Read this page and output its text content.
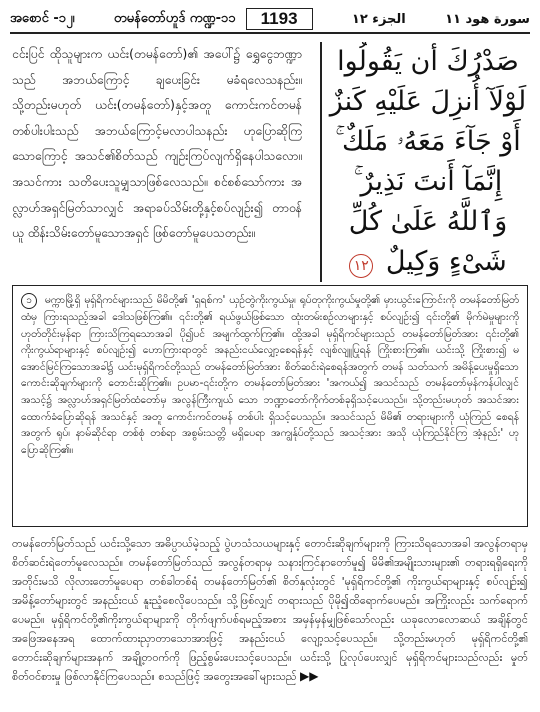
အစောင် -၁၂၊	တမန်တော်ဟူဒ် ကဏ္ဍ-၁၁	1193	الجزء ١٢	سورة هود ١١
ငင်းပြင် ထိုသူများက ယင်း(တမန်တော်)၏ အပေါ်၌ ရွှေငွေဘဏ္ဍာသည် အဘယ်ကြောင့် ချပေးခြင်း မခံရလေသနည်း။ သို့တည်းမဟုတ် ယင်း(တမန်တော်)နှင့်အတူ ကောင်းကင်တမန် တစ်ပါးပါးသည် အဘယ်ကြောင့်မလာပါသနည်း ဟုပြောဆိုကြသောကြောင့် အသင်၏စိတ်သည် ကျဉ်းကြပ်လျက်ရှိနေပါသလော။ အသင်ကား သတိပေးသူမျှသာဖြစ်လေသည်။ စင်စစ်သော်ကား အလ္လာဟ်အရှင်မြတ်သာလျှင် အရာခပ်သိမ်းတို့နှင့်စပ်လျဉ်း၍ တာဝန်ယူ ထိန်းသိမ်းတော်မူသောအရှင် ဖြစ်တော်မူပေသတည်း။
صَدْرُكَ أَن يَقُولُوا لَوْلَآ أُنزِلَ عَلَيْهِ كَنزٌ أَوْ جَآءَ مَعَهُۥ مَلَكٌ ۚ إِنَّمَآ أَنتَ نَذِيرٌ ۚ وَٱللَّهُ عَلَىٰ كُلِّ شَىْءٍ وَكِيلٌ ١٢
၁ မက္ကာမြို့ရှိ မုရှ်ရိကင်များသည် မိမိတို့၏ 'ရှရစ်က' ယှဉ်တွဲကိုးကွယ်မှု၊ ရုပ်တုကိုးကွယ်မှုတို့၏ မှားယွင်းကြောင်းကို တမန်တော်မြတ်ထံမှ ကြားရသည့်အခါ ဒေါသဖြစ်ကြ၏။ ၎င်းတို့၏ ရယ်ဖွယ်ဖြစ်သော ထုံးတမ်းစဉ်လာများနှင့် စပ်လျဉ်း၍ ၎င်းတို့၏ မိုက်မဲမှုများကို ဟုတ်တိုင်းမှန်ရာ ကြားသိကြရသောအခါ ပို၍ပင် အမျက်ထွက်ကြ၏။ ထို့အခါ မုရှ်ရိကင်များသည် တမန်တော်မြတ်အား ၎င်းတို့၏ ကိုးကွယ်ရာများနှင့် စပ်လျဉ်း၍ ဟောကြားရာတွင် အနည်းငယ်လျှော့စေရန်နှင့် လျစ်လျူပြုရန် ကြိုးစားကြ၏။ ယင်းသို့ ကြိုးစား၍ မအောင်မြင်ကြသောအခါ၌ ယင်းမုရှ်ရိကင်တို့သည် တမန်တော်မြတ်အား စိတ်ဆင်းရဲစေရန်အတွက် တမန် သတ်သက် အမိန့်ပေးမှုရှိသော ကောင်းဆိုချက်များကို တောင်းဆိုကြ၏။ ဥပမာ-၎င်းတို့က တမန်တော်မြတ်အား 'အကယ်၍ အသင်သည် တမန်တော်မှန်ကန်ပါလျှင် အသင့်၌ အလ္လာဟ်အရှင်မြတ်ထံတော်မှ အလွန်ကြီးကျယ် သော ဘဏ္ဍာတော်ကိုက်တစ်ခုရှိသင့်ပေသည်။ သို့တည်းမဟုတ် အသင်အား ထောက်ခံပြောဆိုရန် အသင်နှင့် အတူ ကောင်းကင်တမန် တစ်ပါး ရှိသင့်ပေသည်။ အသင်သည် မိမိ၏ တရားများကို ယုံကြည် စေရန်အတွက် ရုပ်၊ နာမ်ဆိုင်ရာ တစ်စုံ တစ်ရာ အစွမ်းသတ္တိ မရှိပေရာ အကျွန်ုပ်တို့သည် အသင့်အား အသို ယုံကြည်နိုင်ကြ အံ့နည်း' ဟု ပြောဆိုကြ၏။
တမန်တော်မြတ်သည် ယင်းသို့သော အဓိပ္ပာယ်မဲ့သည့် ပွဲဟသံသယများနှင့် တောင်းဆိုချက်များကို ကြားသိရသောအခါ အလွန်တရာမှ စိတ်ဆင်းရဲတော်မူလေသည်။ တမန်တော်မြတ်သည် အလွန်တရာမှ သနားကြင်နာတော်မူ၍ မိမိ၏အမျိုးသားများ၏ တရားရရှိရေးကို အတိုင်းမသိ လိုလားတော်မူပေရာ တစ်ခါတစ်ရံ တမန်တော်မြတ်၏ စိတ်နှလုံးတွင် 'မုရှ်ရိကင်တို့၏ ကိုးကွယ်ရာများနှင့် စပ်လျဉ်း၍ အမိန့်တော်များတွင် အနည်းငယ် နူးညံ့စေလိုပေသည်။ သို့ဖြစ်လျှင် တရားသည် ပိုမို၍ထိရောက်ပေမည်။ အကြိုးလည်း သက်ရောက်ပေမည်။ မုရှ်ရိကင်တို့၏ကိုးကွယ်ရာများကို တိုက်ဖျက်ပစ်ရမည့်အစား အမှန်မှန်မျှဖြစ်သော်လည်း ယခုလောလောဆယ် အချိန်တွင် အဖြေအနေအရ ထောက်ထားညှာတာသောအားဖြင့် အနည်းငယ် လျော့သင့်ပေသည်။ သို့တည်းမဟုတ် မုရှ်ရိကင်တို့၏ တောင်းဆိုချက်များအနက် အချို့တဝက်ကို ဖြည့်စွမ်းပေးသင့်ပေသည်။ ယင်းသို့ ပြုလုပ်ပေးလျှင် မုရှ်ရိကင်များသည်လည်း မှုတ်စိတ်ဝင်စားမှု ဖြစ်လာနိုင်ကြပေသည်။ စသည်ဖြင့် အတွေးအခေါ်များသည် ▶▶
